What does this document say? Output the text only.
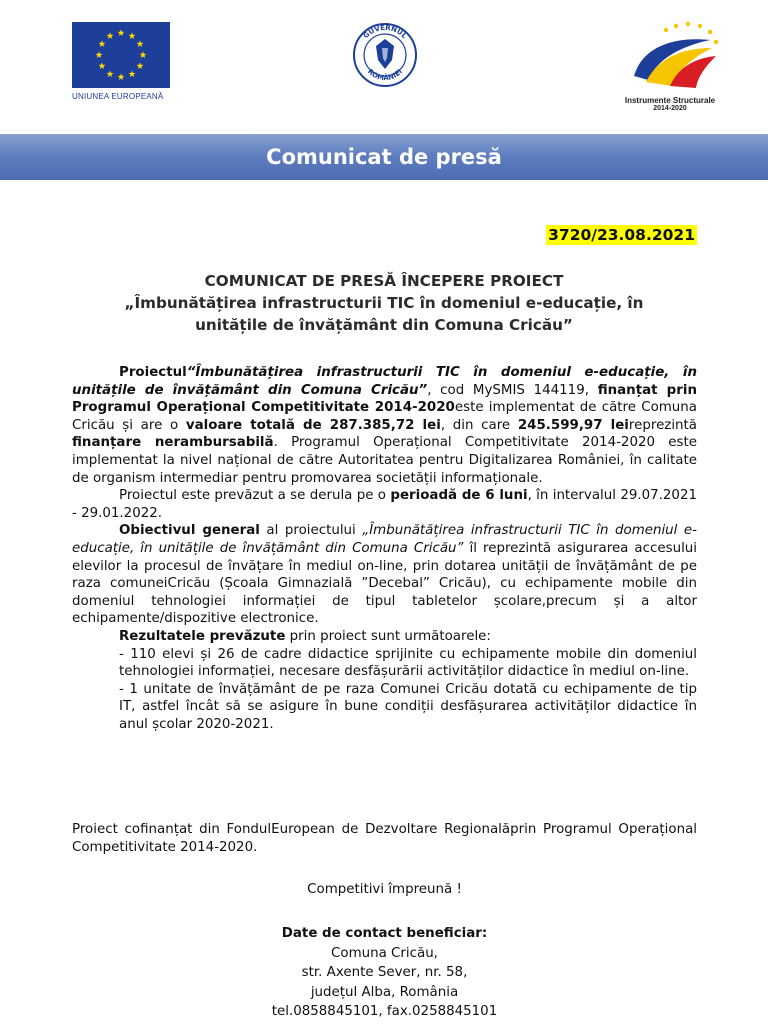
UNIUNEA EUROPEANĂ
GUVERNUL
ROMÂNIEI
Instrumente Structurale
2014-2020
Comunicat de presă
3720/23.08.2021
COMUNICAT DE PRESĂ ÎNCEPERE PROIECT
„Îmbunătățirea infrastructurii TIC în domeniul e-educație, în
unitățile de învățământ din Comuna Cricău”

Proiectul“Îmbunătățirea infrastructurii TIC în domeniul e-educație, în unitățile de învățământ din Comuna Cricău”, cod MySMIS 144119, finanțat prin Programul Operațional Competitivitate 2014-2020este implementat de către Comuna Cricău și are o valoare totală de 287.385,72 lei, din care 245.599,97 leireprezintă finanțare nerambursabilă. Programul Operațional Competitivitate 2014-2020 este implementat la nivel național de către Autoritatea pentru Digitalizarea României, în calitate de organism intermediar pentru promovarea societății informaționale.

Proiectul este prevăzut a se derula pe o perioadă de 6 luni, în intervalul 29.07.2021 - 29.01.2022.

Obiectivul general al proiectului „Îmbunătățirea infrastructurii TIC în domeniul e-educație, în unitățile de învățământ din Comuna Cricău” îl reprezintă asigurarea accesului elevilor la procesul de învățare în mediul on-line, prin dotarea unității de învățământ de pe raza comuneiCricău (Școala Gimnazială ”Decebal” Cricău), cu echipamente mobile din domeniul tehnologiei informației de tipul tabletelor școlare,precum și a altor echipamente/dispozitive electronice.

Rezultatele prevăzute prin proiect sunt următoarele:

- 110 elevi și 26 de cadre didactice sprijinite cu echipamente mobile din domeniul tehnologiei informației, necesare desfășurării activităților didactice în mediul on-line.

- 1 unitate de învățământ de pe raza Comunei Cricău dotată cu echipamente de tip IT, astfel încât să se asigure în bune condiții desfășurarea activităților didactice în anul școlar 2020-2021.

Proiect cofinanțat din FondulEuropean de Dezvoltare Regionalăprin Programul Operațional Competitivitate 2014-2020.

Competitivi împreună !
Date de contact beneficiar:
Comuna Cricău,
str. Axente Sever, nr. 58,
județul Alba, România
tel.0858845101, fax.0258845101
